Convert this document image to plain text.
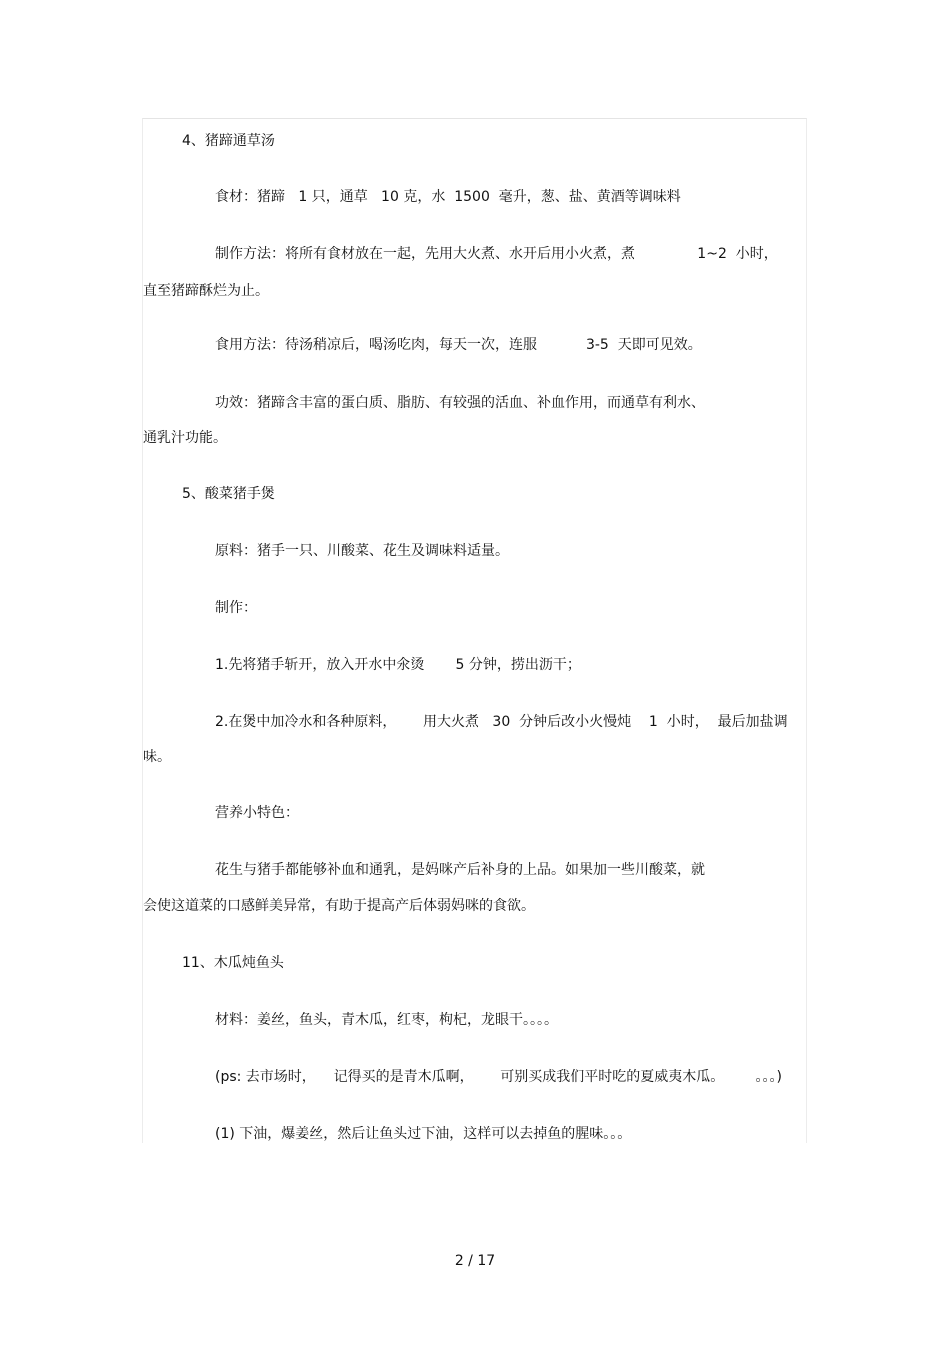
4、猪蹄通草汤

食材：猪蹄   1 只，通草   10 克，水  1500  毫升，葱、盐、黄酒等调味料

制作方法：将所有食材放在一起，先用大火煮、水开后用小火煮，煮              1~2  小时，

直至猪蹄酥烂为止。

食用方法：待汤稍凉后，喝汤吃肉，每天一次，连服           3-5  天即可见效。

功效：猪蹄含丰富的蛋白质、脂肪、有较强的活血、补血作用，而通草有利水、

通乳汁功能。

5、酸菜猪手煲

原料：猪手一只、川酸菜、花生及调味料适量。

制作：

1.先将猪手斩开，放入开水中氽烫       5 分钟，捞出沥干；

2.在煲中加冷水和各种原料，      用大火煮   30  分钟后改小火慢炖    1  小时，  最后加盐调

味。

营养小特色：

花生与猪手都能够补血和通乳，是妈咪产后补身的上品。如果加一些川酸菜，就

会使这道菜的口感鲜美异常，有助于提高产后体弱妈咪的食欲。

11、木瓜炖鱼头

材料：姜丝，鱼头，青木瓜，红枣，枸杞，龙眼干。。。。

(ps: 去市场时，    记得买的是青木瓜啊，      可别买成我们平时吃的夏威夷木瓜。       。。。)

(1) 下油，爆姜丝，然后让鱼头过下油，这样可以去掉鱼的腥味。。。

2 / 17
